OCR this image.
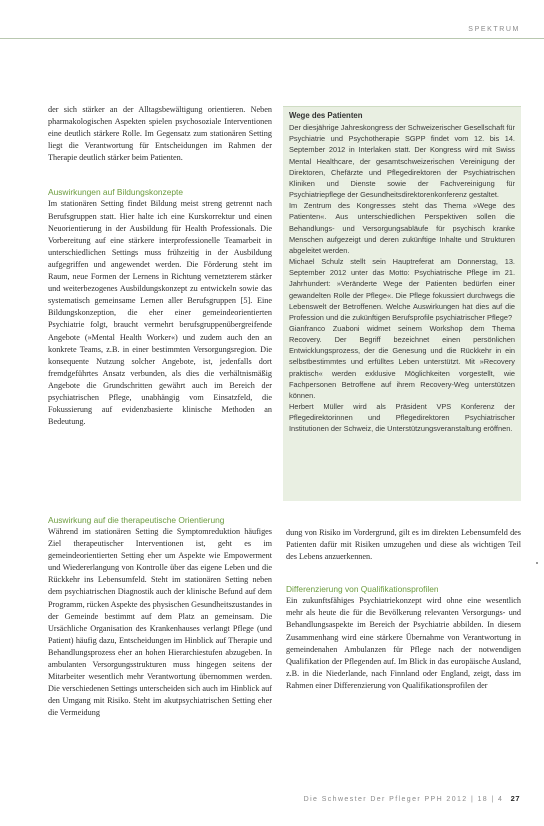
SPEKTRUM

der sich stärker an der Alltagsbewältigung orientieren. Neben pharmakologischen Aspekten spielen psychosoziale Interventionen eine deutlich stärkere Rolle. Im Gegensatz zum stationären Setting liegt die Verantwortung für Entscheidungen im Rahmen der Therapie deutlich stärker beim Patienten.

Auswirkungen auf Bildungskonzepte

Im stationären Setting findet Bildung meist streng getrennt nach Berufsgruppen statt. Hier halte ich eine Kurskorrektur und einen Neuorientierung in der Ausbildung für Health Professionals. Die Vorbereitung auf eine stärkere interprofessionelle Teamarbeit in unterschiedlichen Settings muss frühzeitig in der Ausbildung aufgegriffen und angewendet werden. Die Förderung steht im Raum, neue Formen der Lernens in Richtung vernetzterem stärker und weiterbezogenes Ausbildungskonzept zu entwickeln sowie das systematisch gemeinsame Lernen aller Berufsgruppen [5]. Eine Bildungskonzeption, die eher einer gemeindeorientierten Psychiatrie folgt, braucht vermehrt berufsgruppenübergreifende Angebote (»Mental Health Worker«) und zudem auch den an konkrete Teams, z.B. in einer bestimmten Versorgungsregion. Die konsequente Nutzung solcher Angebote, ist, jedenfalls dort fremdgeführtes Ansatz verbunden, als dies die verhältnismäßig Angebote die Grundschritten gewährt auch im Bereich der psychiatrischen Pflege, unabhängig vom Einsatzfeld, die Fokussierung auf evidenzbasierte klinische Methoden an Bedeutung.

Wege des Patienten

Der diesjährige Jahreskongress der Schweizerischer Gesellschaft für Psychiatrie und Psychotherapie SGPP findet vom 12. bis 14. September 2012 in Interlaken statt. Der Kongress wird mit Swiss Mental Healthcare, der gesamtschweizerischen Vereinigung der Direktoren, Chefärzte und Pflegedirektoren der Psychiatrischen Kliniken und Dienste sowie der Fachvereinigung für Psychiatriepflege der Gesundheitsdirektorenkonferenz gestaltet.

Im Zentrum des Kongresses steht das Thema »Wege des Patienten«. Aus unterschiedlichen Perspektiven sollen die Behandlungs- und Versorgungsabläufe für psychisch kranke Menschen aufgezeigt und deren zukünftige Inhalte und Strukturen abgeleitet werden.

Michael Schulz stellt sein Hauptreferat am Donnerstag, 13. September 2012 unter das Motto: Psychiatrische Pflege im 21. Jahrhundert: »Veränderte Wege der Patienten bedürfen einer gewandelten Rolle der Pflege«. Die Pflege fokussiert durchwegs die Lebenswelt der Betroffenen. Welche Auswirkungen hat dies auf die Profession und die zukünftigen Berufsprofile psychiatrischer Pflege?

Gianfranco Zuaboni widmet seinem Workshop dem Thema Recovery. Der Begriff bezeichnet einen persönlichen Entwicklungsprozess, der die Genesung und die Rückkehr in ein selbstbestimmtes und erfülltes Leben unterstützt. Mit »Recovery praktisch« werden exklusive Möglichkeiten vorgestellt, wie Fachpersonen Betroffene auf ihrem Recovery-Weg unterstützen können.

Herbert Müller wird als Präsident VPS Konferenz der Pflegedirektorinnen und Pflegedirektoren Psychiatrischer Institutionen der Schweiz, die Unterstützungsveranstaltung eröffnen.

Auswirkung auf die therapeutische Orientierung

Während im stationären Setting die Symptomreduktion häufiges Ziel therapeutischer Interventionen ist, geht es im gemeindeorientierten Setting eher um Aspekte wie Empowerment und Wiedererlangung von Kontrolle über das eigene Leben und die Rückkehr ins Lebensumfeld. Steht im stationären Setting neben dem psychiatrischen Diagnostik auch der klinische Befund auf dem Programm, rücken Aspekte des physischen Gesundheitszustandes in der Gemeinde bestimmt auf dem Platz an gemeinsam. Die Ursächliche Organisation des Krankenhauses verlangt Pflege (und Patient) häufig dazu, Entscheidungen im Hinblick auf Therapie und Behandlungsprozess eher an hohen Hierarchiestufen abzugeben. In ambulanten Versorgungsstrukturen muss hingegen seitens der Mitarbeiter wesentlich mehr Verantwortung übernommen werden. Die verschiedenen Settings unterscheiden sich auch im Hinblick auf den Umgang mit Risiko. Steht im akutpsychiatrischen Setting eher die Vermeidung

dung von Risiko im Vordergrund, gilt es im direkten Lebensumfeld des Patienten dafür mit Risiken umzugehen und diese als wichtigen Teil des Lebens anzuerkennen.

Differenzierung von Qualifikationsprofilen

Ein zukunftsfähiges Psychiatriekonzept wird ohne eine wesentlich mehr als heute die für die Bevölkerung relevanten Versorgungs- und Behandlungsaspekte im Bereich der Psychiatrie abbilden. In diesem Zusammenhang wird eine stärkere Übernahme von Verantwortung in gemeindenahen Ambulanzen für Pflege nach der notwendigen Qualifikation der Pflegenden auf. Im Blick in das europäische Ausland, z.B. in die Niederlande, nach Finnland oder England, zeigt, dass im Rahmen einer Differenzierung von Qualifikationsprofilen der

Die Schwester Der Pfleger PPH 2012 | 18 | 4 27
